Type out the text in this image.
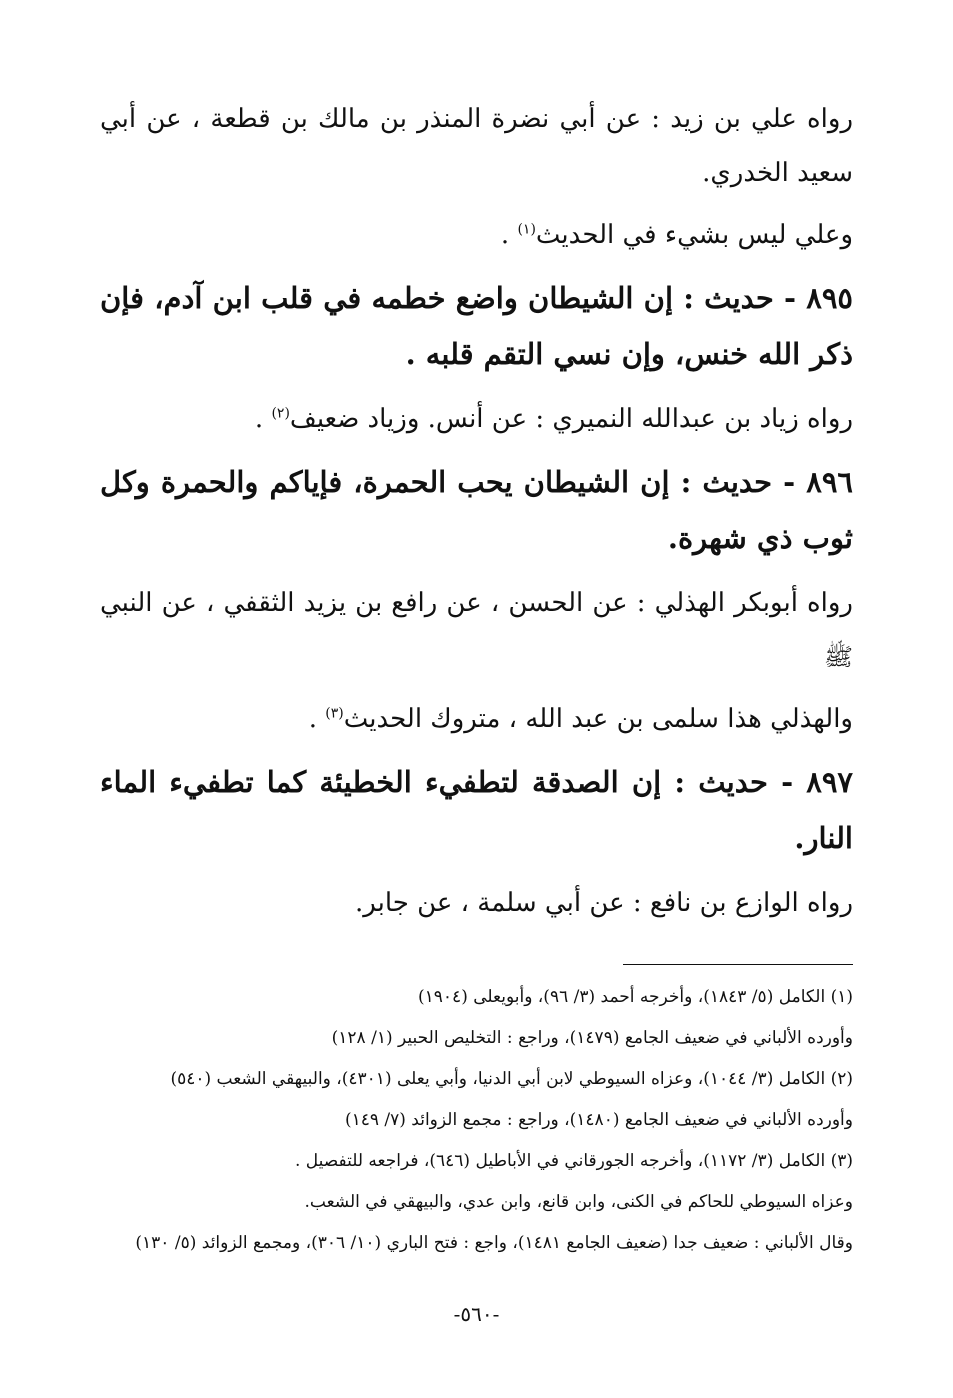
رواه علي بن زيد : عن أبي نضرة المنذر بن مالك بن قطعة ، عن أبي سعيد الخدري.

وعلي ليس بشيء في الحديث$^{(١)}$ .

٨٩٥ - حديث : إن الشيطان واضع خطمه في قلب ابن آدم، فإن ذكر الله خنس، وإن نسي التقم قلبه .

رواه زياد بن عبدالله النميري : عن أنس. وزياد ضعيف$^{(٢)}$ .

٨٩٦ - حديث : إن الشيطان يحب الحمرة، فإياكم والحمرة وكل ثوب ذي شهرة.

رواه أبوبكر الهذلي : عن الحسن ، عن رافع بن يزيد الثقفي ، عن النبي ﷺ

والهذلي هذا سلمى بن عبد الله ، متروك الحديث$^{(٣)}$ .

٨٩٧ - حديث : إن الصدقة لتطفيء الخطيئة كما تطفيء الماء النار.

رواه الوازع بن نافع : عن أبي سلمة ، عن جابر.

(١) الكامل (٥/ ١٨٤٣)، وأخرجه أحمد (٣/ ٩٦)، وأبويعلى (١٩٠٤)

وأورده الألباني في ضعيف الجامع (١٤٧٩)، وراجع : التخليص الحبير (١/ ١٢٨)

(٢) الكامل (٣/ ١٠٤٤)، وعزاه السيوطي لابن أبي الدنيا، وأبي يعلى (٤٣٠١)، والبيهقي الشعب (٥٤٠)

وأورده الألباني في ضعيف الجامع (١٤٨٠)، وراجع : مجمع الزوائد (٧/ ١٤٩)

(٣) الكامل (٣/ ١١٧٢)، وأخرجه الجورقاني في الأباطيل (٦٤٦)، فراجعه للتفصيل .

وعزاه السيوطي للحاكم في الكنى، وابن قانع، وابن عدي، والبيهقي في الشعب.

وقال الألباني : ضعيف جدا (ضعيف الجامع ١٤٨١)، واجع : فتح الباري (١٠/ ٣٠٦)، ومجمع الزوائد (٥/ ١٣٠)

-٥٦٠-
